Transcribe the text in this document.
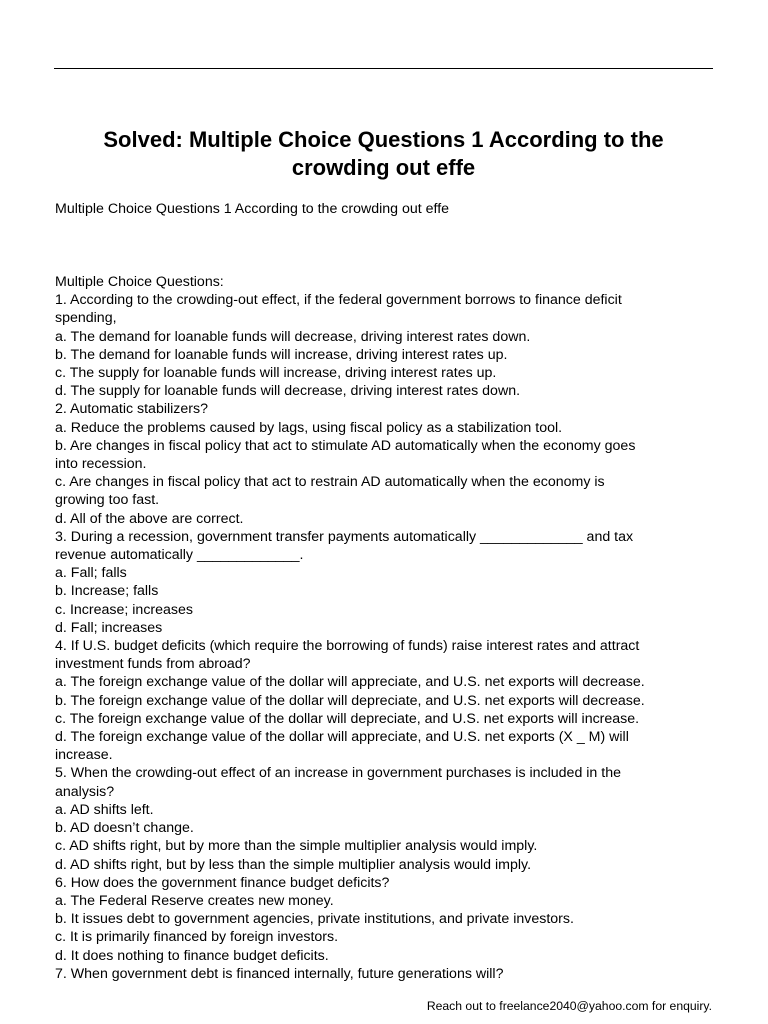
Solved: Multiple Choice Questions 1 According to the crowding out effe

Multiple Choice Questions 1 According to the crowding out effe

Multiple Choice Questions:
1. According to the crowding-out effect, if the federal government borrows to finance deficit
spending,
a. The demand for loanable funds will decrease, driving interest rates down.
b. The demand for loanable funds will increase, driving interest rates up.
c. The supply for loanable funds will increase, driving interest rates up.
d. The supply for loanable funds will decrease, driving interest rates down.
2. Automatic stabilizers?
a. Reduce the problems caused by lags, using fiscal policy as a stabilization tool.
b. Are changes in fiscal policy that act to stimulate AD automatically when the economy goes
into recession.
c. Are changes in fiscal policy that act to restrain AD automatically when the economy is
growing too fast.
d. All of the above are correct.
3. During a recession, government transfer payments automatically _____________ and tax
revenue automatically _____________.
a. Fall; falls
b. Increase; falls
c. Increase; increases
d. Fall; increases
4. If U.S. budget deficits (which require the borrowing of funds) raise interest rates and attract
investment funds from abroad?
a. The foreign exchange value of the dollar will appreciate, and U.S. net exports will decrease.
b. The foreign exchange value of the dollar will depreciate, and U.S. net exports will decrease.
c. The foreign exchange value of the dollar will depreciate, and U.S. net exports will increase.
d. The foreign exchange value of the dollar will appreciate, and U.S. net exports (X _ M) will
increase.
5. When the crowding-out effect of an increase in government purchases is included in the
analysis?
a. AD shifts left.
b. AD doesn’t change.
c. AD shifts right, but by more than the simple multiplier analysis would imply.
d. AD shifts right, but by less than the simple multiplier analysis would imply.
6. How does the government finance budget deficits?
a. The Federal Reserve creates new money.
b. It issues debt to government agencies, private institutions, and private investors.
c. It is primarily financed by foreign investors.
d. It does nothing to finance budget deficits.
7. When government debt is financed internally, future generations will?

Reach out to freelance2040@yahoo.com for enquiry.
